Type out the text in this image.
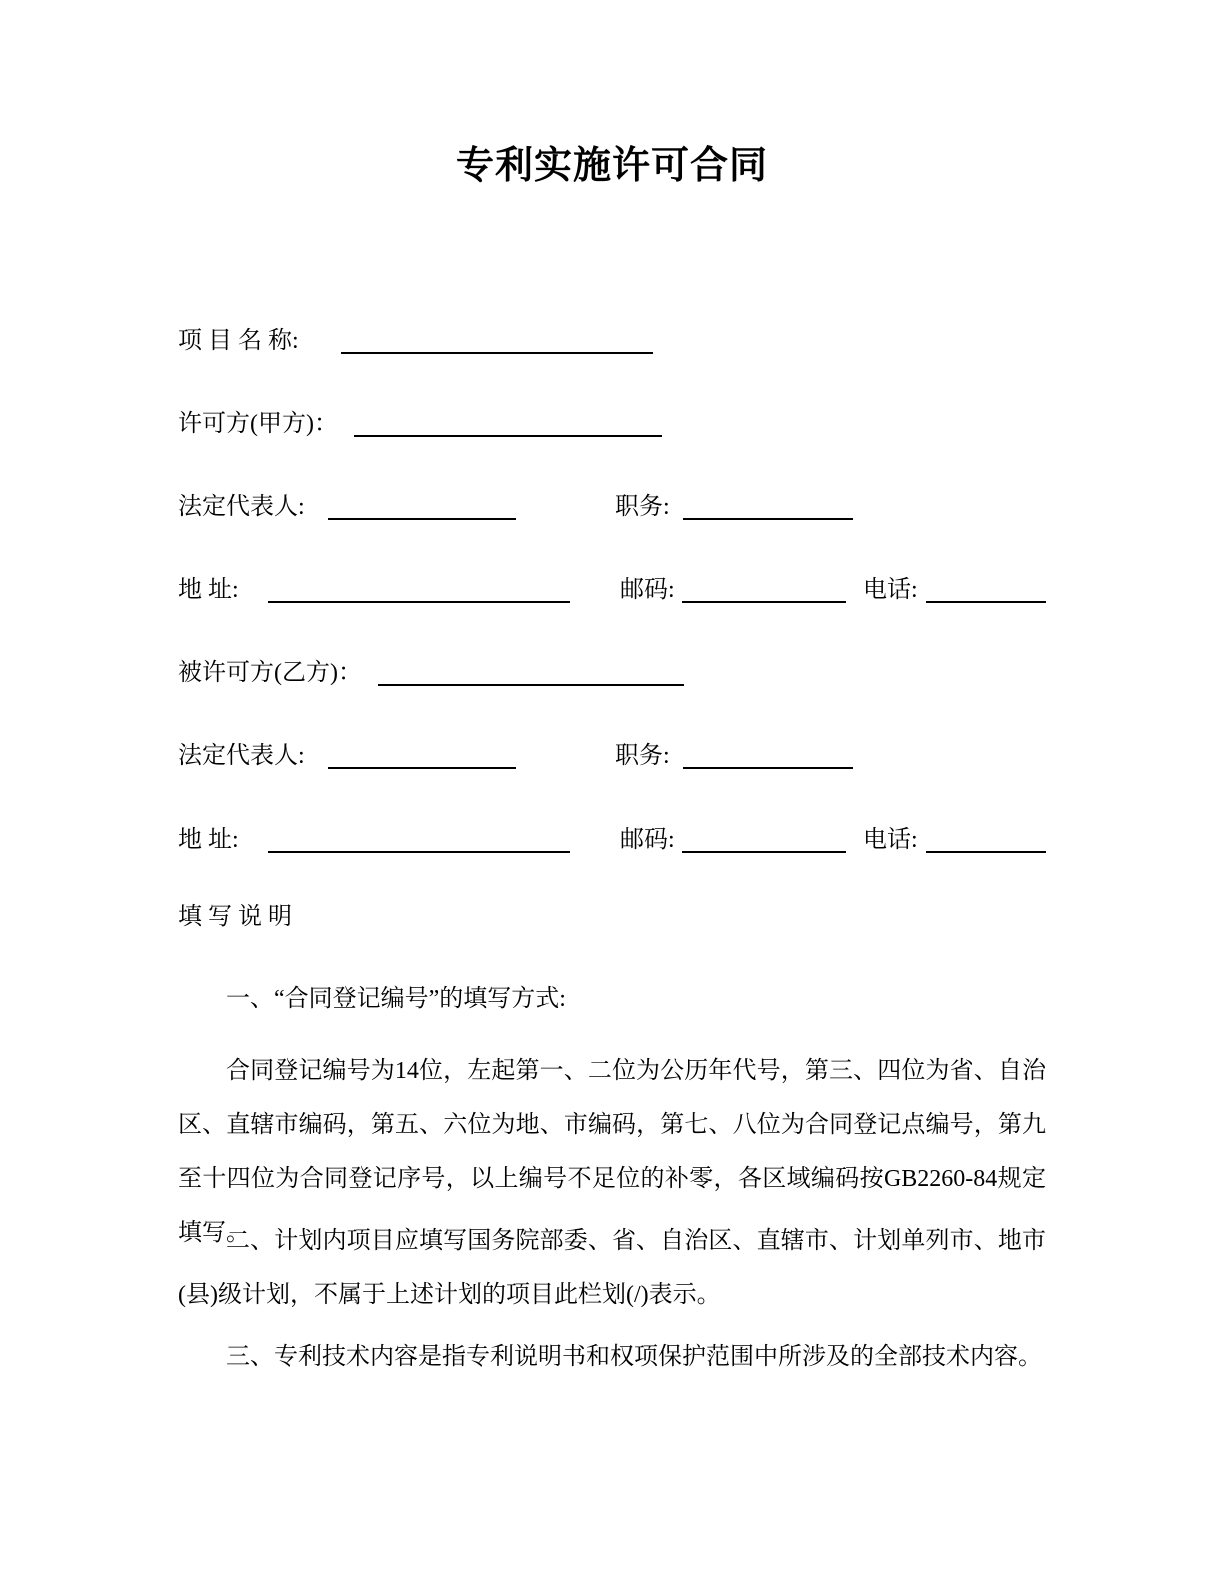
专利实施许可合同
项 目 名 称:
许可方(甲方)：
法定代表人:	职务:
地 址:	邮码:	电话:
被许可方(乙方)：
法定代表人:	职务:
地 址:	邮码:	电话:
填 写 说 明

一、“合同登记编号”的填写方式:

合同登记编号为14位，左起第一、二位为公历年代号，第三、四位为省、自治区、直辖市编码，第五、六位为地、市编码，第七、八位为合同登记点编号，第九至十四位为合同登记序号，以上编号不足位的补零，各区域编码按GB2260-84规定填写。

二、计划内项目应填写国务院部委、省、自治区、直辖市、计划单列市、地市(县)级计划，不属于上述计划的项目此栏划(/)表示。

三、专利技术内容是指专利说明书和权项保护范围中所涉及的全部技术内容。
